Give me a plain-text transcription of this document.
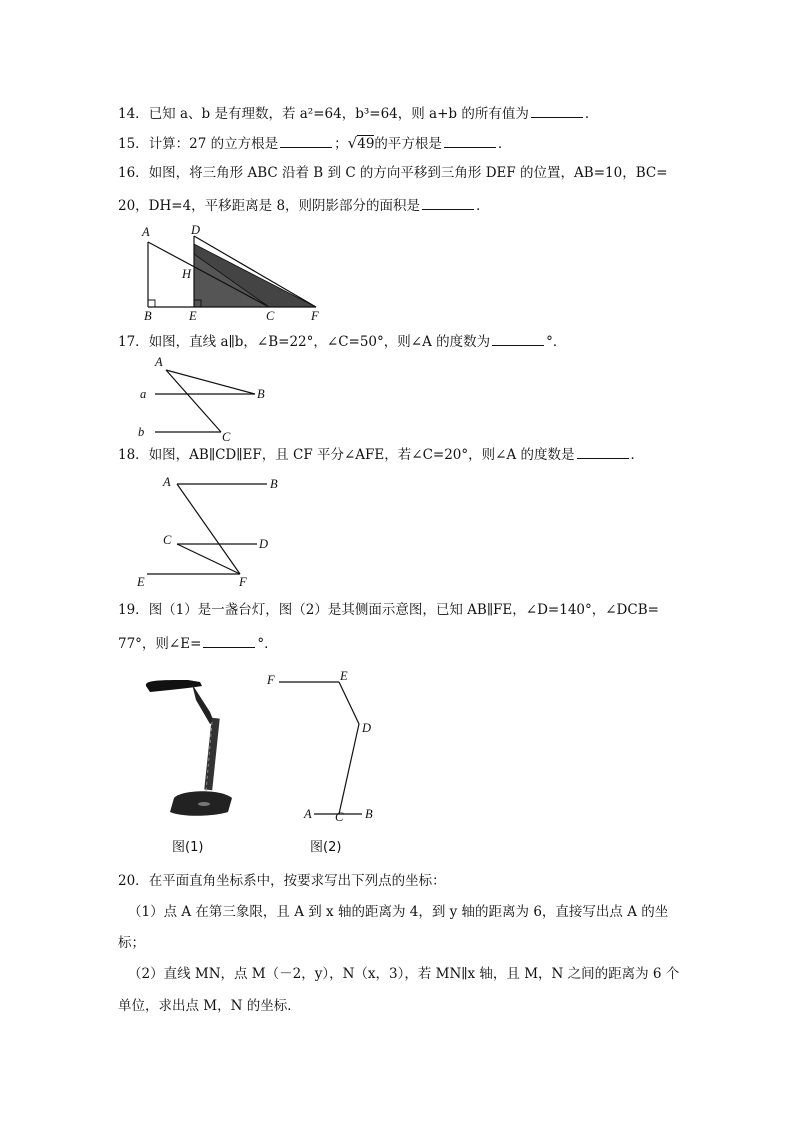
14．已知 a、b 是有理数，若 a²=64，b³=64，则 a+b 的所有值为	．
15．计算：27 的立方根是	；√49的平方根是	．
16．如图，将三角形 ABC 沿着 B 到 C 的方向平移到三角形 DEF 的位置，AB=10，BC=
20，DH=4，平移距离是 8，则阴影部分的面积是	．
A
B	C
D
E	F
H
17．如图，直线 a∥b，∠B=22°，∠C=50°，则∠A 的度数为	°．
A
B
C
a
b
18．如图，AB∥CD∥EF，且 CF 平分∠AFE，若∠C=20°，则∠A 的度数是	．
A	B
C	D
E	F
19．图（1）是一盏台灯，图（2）是其侧面示意图，已知 AB∥FE，∠D=140°，∠DCB=
77°，则∠E=	°．
图(1)
F	E
D
A C B
图(2)
20．在平面直角坐标系中，按要求写出下列点的坐标：
（1）点 A 在第三象限，且 A 到 x 轴的距离为 4，到 y 轴的距离为 6，直接写出点 A 的坐
标；
（2）直线 MN，点 M（－2，y），N（x，3），若 MN∥x 轴，且 M，N 之间的距离为 6 个
单位，求出点 M，N 的坐标．
